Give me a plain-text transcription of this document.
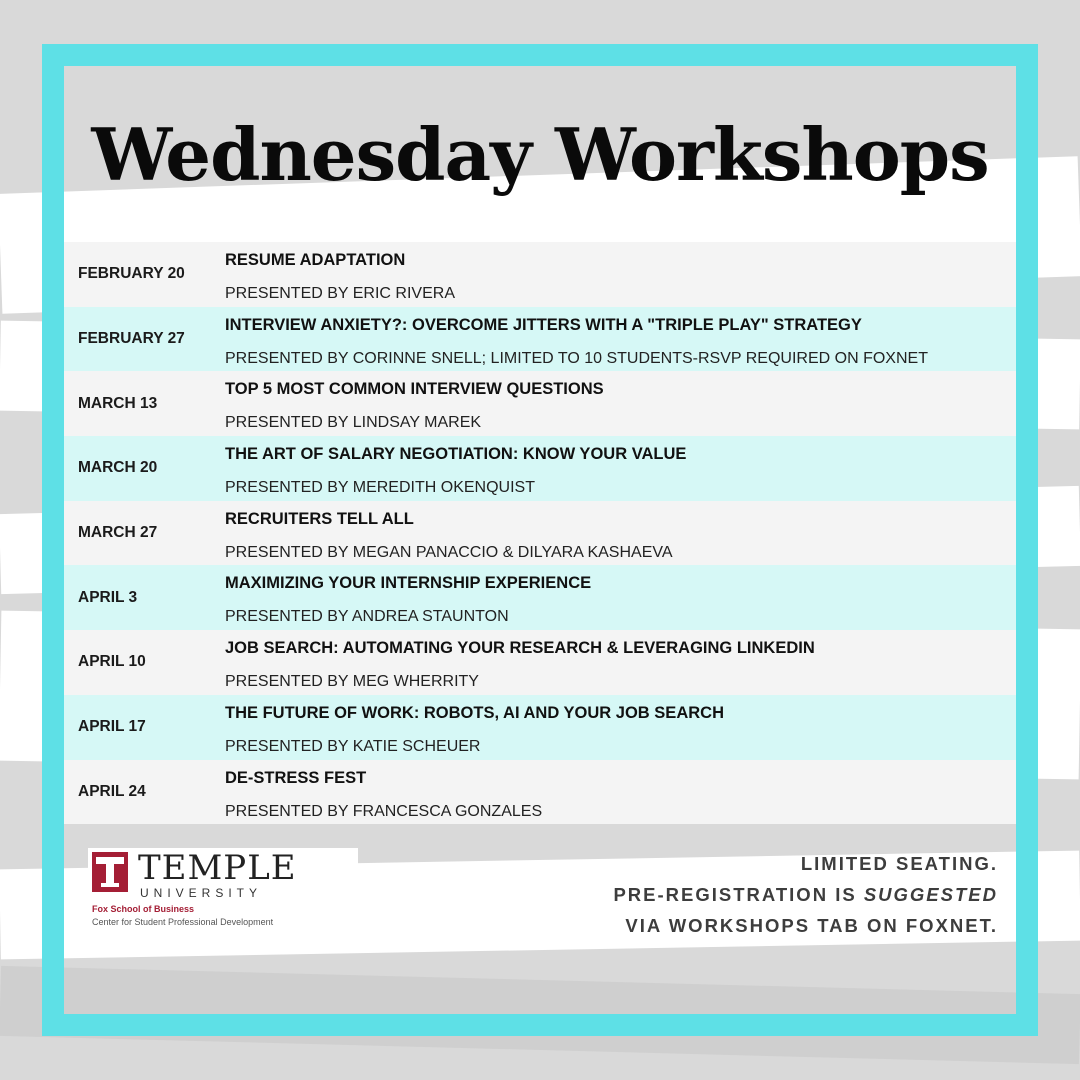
Wednesday Workshops
FEBRUARY 20
RESUME ADAPTATION
PRESENTED BY ERIC RIVERA
FEBRUARY 27
INTERVIEW ANXIETY?: OVERCOME JITTERS WITH A "TRIPLE PLAY" STRATEGY
PRESENTED BY CORINNE SNELL; LIMITED TO 10 STUDENTS-RSVP REQUIRED ON FOXNET
MARCH 13
TOP 5 MOST COMMON INTERVIEW QUESTIONS
PRESENTED BY LINDSAY MAREK
MARCH 20
THE ART OF SALARY NEGOTIATION: KNOW YOUR VALUE
PRESENTED BY MEREDITH OKENQUIST
MARCH 27
RECRUITERS TELL ALL
PRESENTED BY MEGAN PANACCIO & DILYARA KASHAEVA
APRIL 3
MAXIMIZING YOUR INTERNSHIP EXPERIENCE
PRESENTED BY ANDREA STAUNTON
APRIL 10
JOB SEARCH: AUTOMATING YOUR RESEARCH & LEVERAGING LINKEDIN
PRESENTED BY MEG WHERRITY
APRIL 17
THE FUTURE OF WORK: ROBOTS, AI AND YOUR JOB SEARCH
PRESENTED BY KATIE SCHEUER
APRIL 24
DE-STRESS FEST
PRESENTED BY FRANCESCA GONZALES
TEMPLE
UNIVERSITY
Fox School of Business
Center for Student Professional Development
LIMITED SEATING.
PRE-REGISTRATION IS SUGGESTED
VIA WORKSHOPS TAB ON FOXNET.
